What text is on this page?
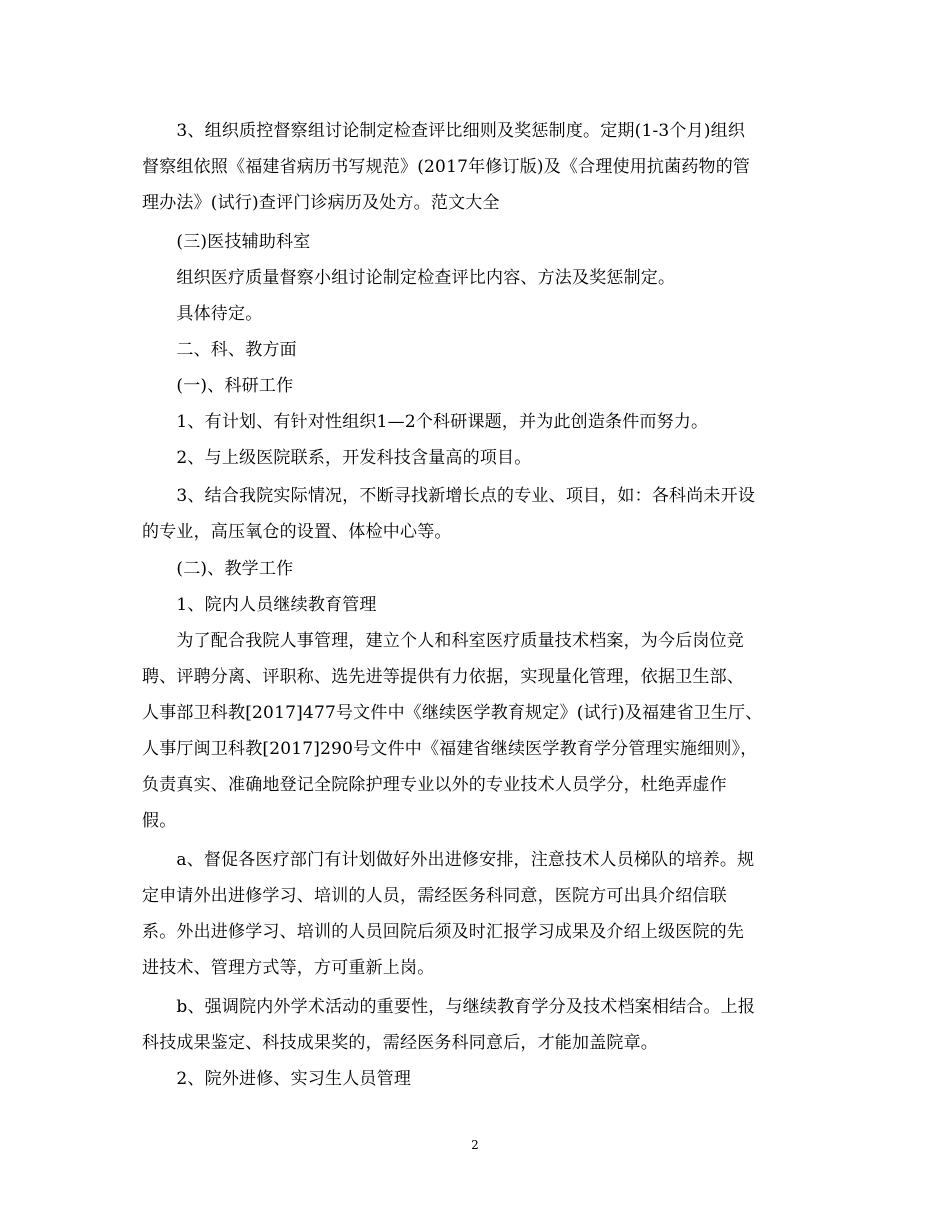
　　3、组织质控督察组讨论制定检查评比细则及奖惩制度。定期(1-3个月)组织

督察组依照《福建省病历书写规范》(2017年修订版)及《合理使用抗菌药物的管

理办法》(试行)查评门诊病历及处方。范文大全

　　(三)医技辅助科室

　　组织医疗质量督察小组讨论制定检查评比内容、方法及奖惩制定。

　　具体待定。

　　二、科、教方面

　　(一)、科研工作

　　1、有计划、有针对性组织1—2个科研课题，并为此创造条件而努力。

　　2、与上级医院联系，开发科技含量高的项目。

　　3、结合我院实际情况，不断寻找新增长点的专业、项目，如：各科尚未开设

的专业，高压氧仓的设置、体检中心等。

　　(二)、教学工作

　　1、院内人员继续教育管理

　　为了配合我院人事管理，建立个人和科室医疗质量技术档案，为今后岗位竞

聘、评聘分离、评职称、选先进等提供有力依据，实现量化管理，依据卫生部、

人事部卫科教[2017]477号文件中《继续医学教育规定》(试行)及福建省卫生厅、

人事厅闽卫科教[2017]290号文件中《福建省继续医学教育学分管理实施细则》，

负责真实、准确地登记全院除护理专业以外的专业技术人员学分，杜绝弄虚作

假。

　　a、督促各医疗部门有计划做好外出进修安排，注意技术人员梯队的培养。规

定申请外出进修学习、培训的人员，需经医务科同意，医院方可出具介绍信联

系。外出进修学习、培训的人员回院后须及时汇报学习成果及介绍上级医院的先

进技术、管理方式等，方可重新上岗。

　　b、强调院内外学术活动的重要性，与继续教育学分及技术档案相结合。上报

科技成果鉴定、科技成果奖的，需经医务科同意后，才能加盖院章。

　　2、院外进修、实习生人员管理

2
